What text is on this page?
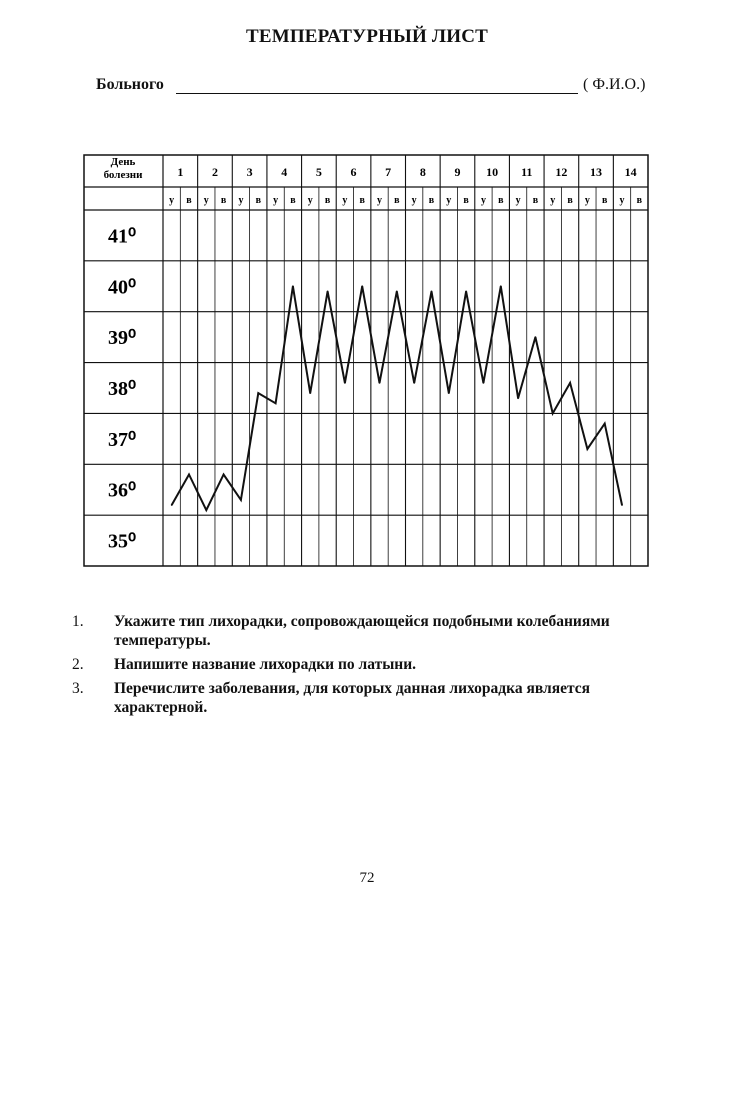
ТЕМПЕРАТУРНЫЙ ЛИСТ
Больного	( Ф.И.О.)
День
болезни	1 2 3 4 5 6 7 8 9 10 11 12 13 14
у в у в у в у в у в у в у в у в у в у в у в у в у в у в
41⁰
40⁰
39⁰
38⁰
37⁰
36⁰
35⁰
1.	Укажите тип лихорадки, сопровождающейся подобными колебаниями температуры.
2.	Напишите название лихорадки по латыни.
3.	Перечислите заболевания, для которых данная лихорадка является характерной.
72
